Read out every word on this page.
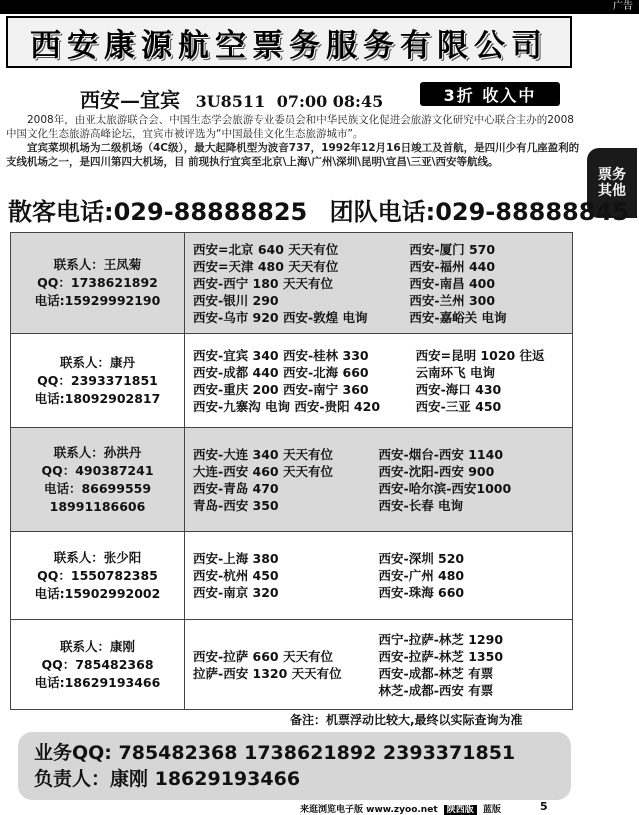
广告
西安康源航空票务服务有限公司
票务其他
西安—宜宾 3U8511 07:00 08:45	3折 收入中

2008年，由亚太旅游联合会、中国生态学会旅游专业委员会和中华民族文化促进会旅游文化研究中心联合主办的2008中国文化生态旅游高峰论坛，宜宾市被评选为“中国最佳文化生态旅游城市”。

宜宾菜坝机场为二级机场（4C级），最大起降机型为波音737，1992年12月16日竣工及首航，是四川少有几座盈利的支线机场之一，是四川第四大机场，目 前现执行宜宾至北京\上海\广州\深圳\昆明\宜昌\三亚\西安等航线。

散客电话:029-88888825 团队电话:029-88888845
联系人：王凤菊
QQ：1738621892
电话:15929992190
西安=北京 640 天天有位
西安=天津 480 天天有位
西安-西宁 180 天天有位
西安-银川 290
西安-乌市 920 西安-敦煌 电询
西安-厦门 570
西安-福州 440
西安-南昌 400
西安-兰州 300
西安-嘉峪关 电询
联系人：康丹
QQ：2393371851
电话:18092902817
西安-宜宾 340 西安-桂林 330
西安-成都 440 西安-北海 660
西安-重庆 200 西安-南宁 360
西安-九寨沟 电询 西安-贵阳 420
西安=昆明 1020 往返
云南环飞 电询
西安-海口 430
西安-三亚 450
联系人：孙洪丹
QQ：490387241
电话：86699559
18991186606
西安-大连 340 天天有位
大连-西安 460 天天有位
西安-青岛 470
青岛-西安 350
西安-烟台-西安 1140
西安-沈阳-西安 900
西安-哈尔滨-西安1000
西安-长春 电询
联系人：张少阳
QQ：1550782385
电话:15902992002
西安-上海 380
西安-杭州 450
西安-南京 320
西安-深圳 520
西安-广州 480
西安-珠海 660
联系人：康刚
QQ：785482368
电话:18629193466
西安-拉萨 660 天天有位
拉萨-西安 1320 天天有位
西宁-拉萨-林芝 1290
西安-拉萨-林芝 1350
西安-成都-林芝 有票
林芝-成都-西安 有票
备注：机票浮动比较大,最终以实际查询为准
业务QQ: 785482368 1738621892 2393371851
负责人：康刚 18629193466
来逛浏览电子版 www.zyoo.net 陕西版 蓝版	5
